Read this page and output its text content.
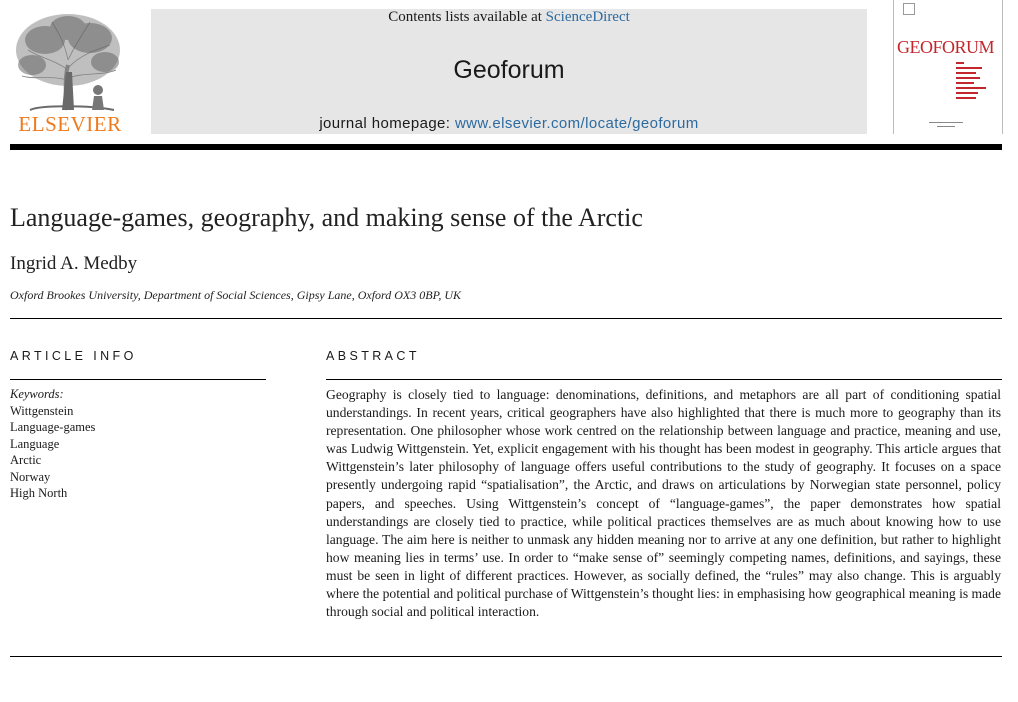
ELSEVIER
Contents lists available at ScienceDirect
Geoforum
journal homepage: www.elsevier.com/locate/geoforum
GEOFORUM
Language-games, geography, and making sense of the Arctic
Ingrid A. Medby
Oxford Brookes University, Department of Social Sciences, Gipsy Lane, Oxford OX3 0BP, UK
ARTICLE INFO
Keywords:
Wittgenstein
Language-games
Language
Arctic
Norway
High North
ABSTRACT
Geography is closely tied to language: denominations, definitions, and metaphors are all part of conditioning spatial understandings. In recent years, critical geographers have also highlighted that there is much more to geography than its representation. One philosopher whose work centred on the relationship between language and practice, meaning and use, was Ludwig Wittgenstein. Yet, explicit engagement with his thought has been modest in geography. This article argues that Wittgenstein’s later philosophy of language offers useful contributions to the study of geography. It focuses on a space presently undergoing rapid “spatialisation”, the Arctic, and draws on articulations by Norwegian state personnel, policy papers, and speeches. Using Wittgenstein’s concept of “language-games”, the paper demonstrates how spatial understandings are closely tied to practice, while political practices themselves are as much about knowing how to use language. The aim here is neither to unmask any hidden meaning nor to arrive at any one definition, but rather to highlight how meaning lies in terms’ use. In order to “make sense of” seemingly competing names, definitions, and sayings, these must be seen in light of different practices. However, as socially defined, the “rules” may also change. This is arguably where the potential and political purchase of Wittgenstein’s thought lies: in emphasising how geographical meaning is made through social and political interaction.
